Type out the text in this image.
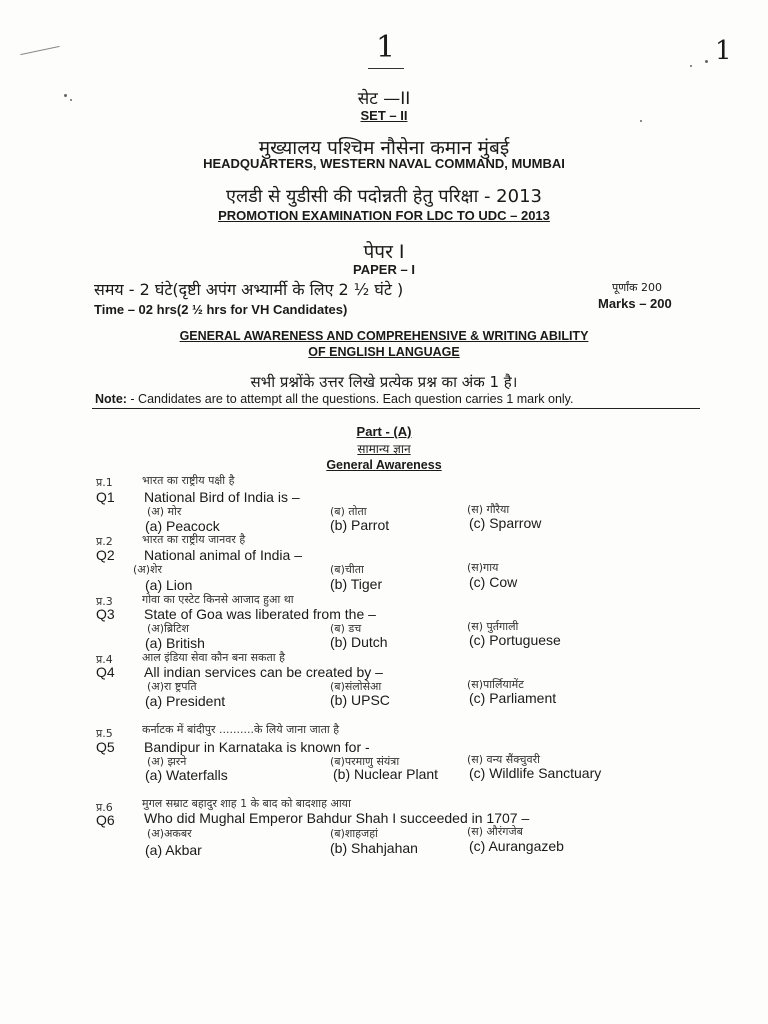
1	1
सेट —II
SET – II
मुख्यालय पश्चिम नौसेना कमान मुंबई
HEADQUARTERS, WESTERN NAVAL COMMAND, MUMBAI
एलडी से युडीसी की पदोन्नती हेतु परिक्षा - 2013
PROMOTION EXAMINATION FOR LDC TO UDC – 2013
पेपर I
PAPER – I
समय - 2 घंटे(दृष्टी अपंग अभ्यार्मी के लिए 2 ½ घंटे )
Time – 02 hrs(2 ½ hrs for VH Candidates)
पूर्णांक 200
Marks – 200
GENERAL AWARENESS AND COMPREHENSIVE & WRITING ABILITY
OF ENGLISH LANGUAGE
सभी प्रश्नोंके उत्तर लिखे प्रत्येक प्रश्न का अंक 1 है।
Note: - Candidates are to attempt all the questions. Each question carries 1 mark only.
Part - (A)
सामान्य ज्ञान
General Awareness
प्र.1	भारत का राष्ट्रीय पक्षी है
Q1 National Bird of India is –
(अ) मोर	(ब) तोता	(स) गौरैया
(a) Peacock	(b) Parrot	(c) Sparrow
प्र.2	भारत का राष्ट्रीय जानवर है
Q2 National animal of India –
(अ)शेर	(ब)चीता	(स)गाय
(a) Lion	(b) Tiger	(c) Cow
प्र.3	गोवा का एस्टेट किनसे आजाद हुआ था
Q3 State of Goa was liberated from the –
(अ)ब्रिटिश	(ब) डच	(स) पुर्तगाली
(a) British	(b) Dutch	(c) Portuguese
प्र.4	आल इंडिया सेवा कौन बना सकता है
Q4 All indian services can be created by –
(अ)रा ष्ट्रपति	(ब)संलोसेआ	(स)पार्लियामेंट
(a) President	(b) UPSC	(c) Parliament
प्र.5	कर्नाटक में बांदीपुर ..........के लिये जाना जाता है
Q5 Bandipur in Karnataka is known for -
(अ) झरने	(ब)परमाणु संयंत्रा	(स) वन्य सैंक्चुवरी
(a) Waterfalls	(b) Nuclear Plant (c) Wildlife Sanctuary
प्र.6	मुगल सम्राट बहादुर शाह 1 के बाद को बादशाह आया
Q6 Who did Mughal Emperor Bahdur Shah I succeeded in 1707 –
(अ)अकबर	(ब)शाहजहां	(स) औरंगजेब
(a) Akbar	(b) Shahjahan	(c) Aurangazeb
